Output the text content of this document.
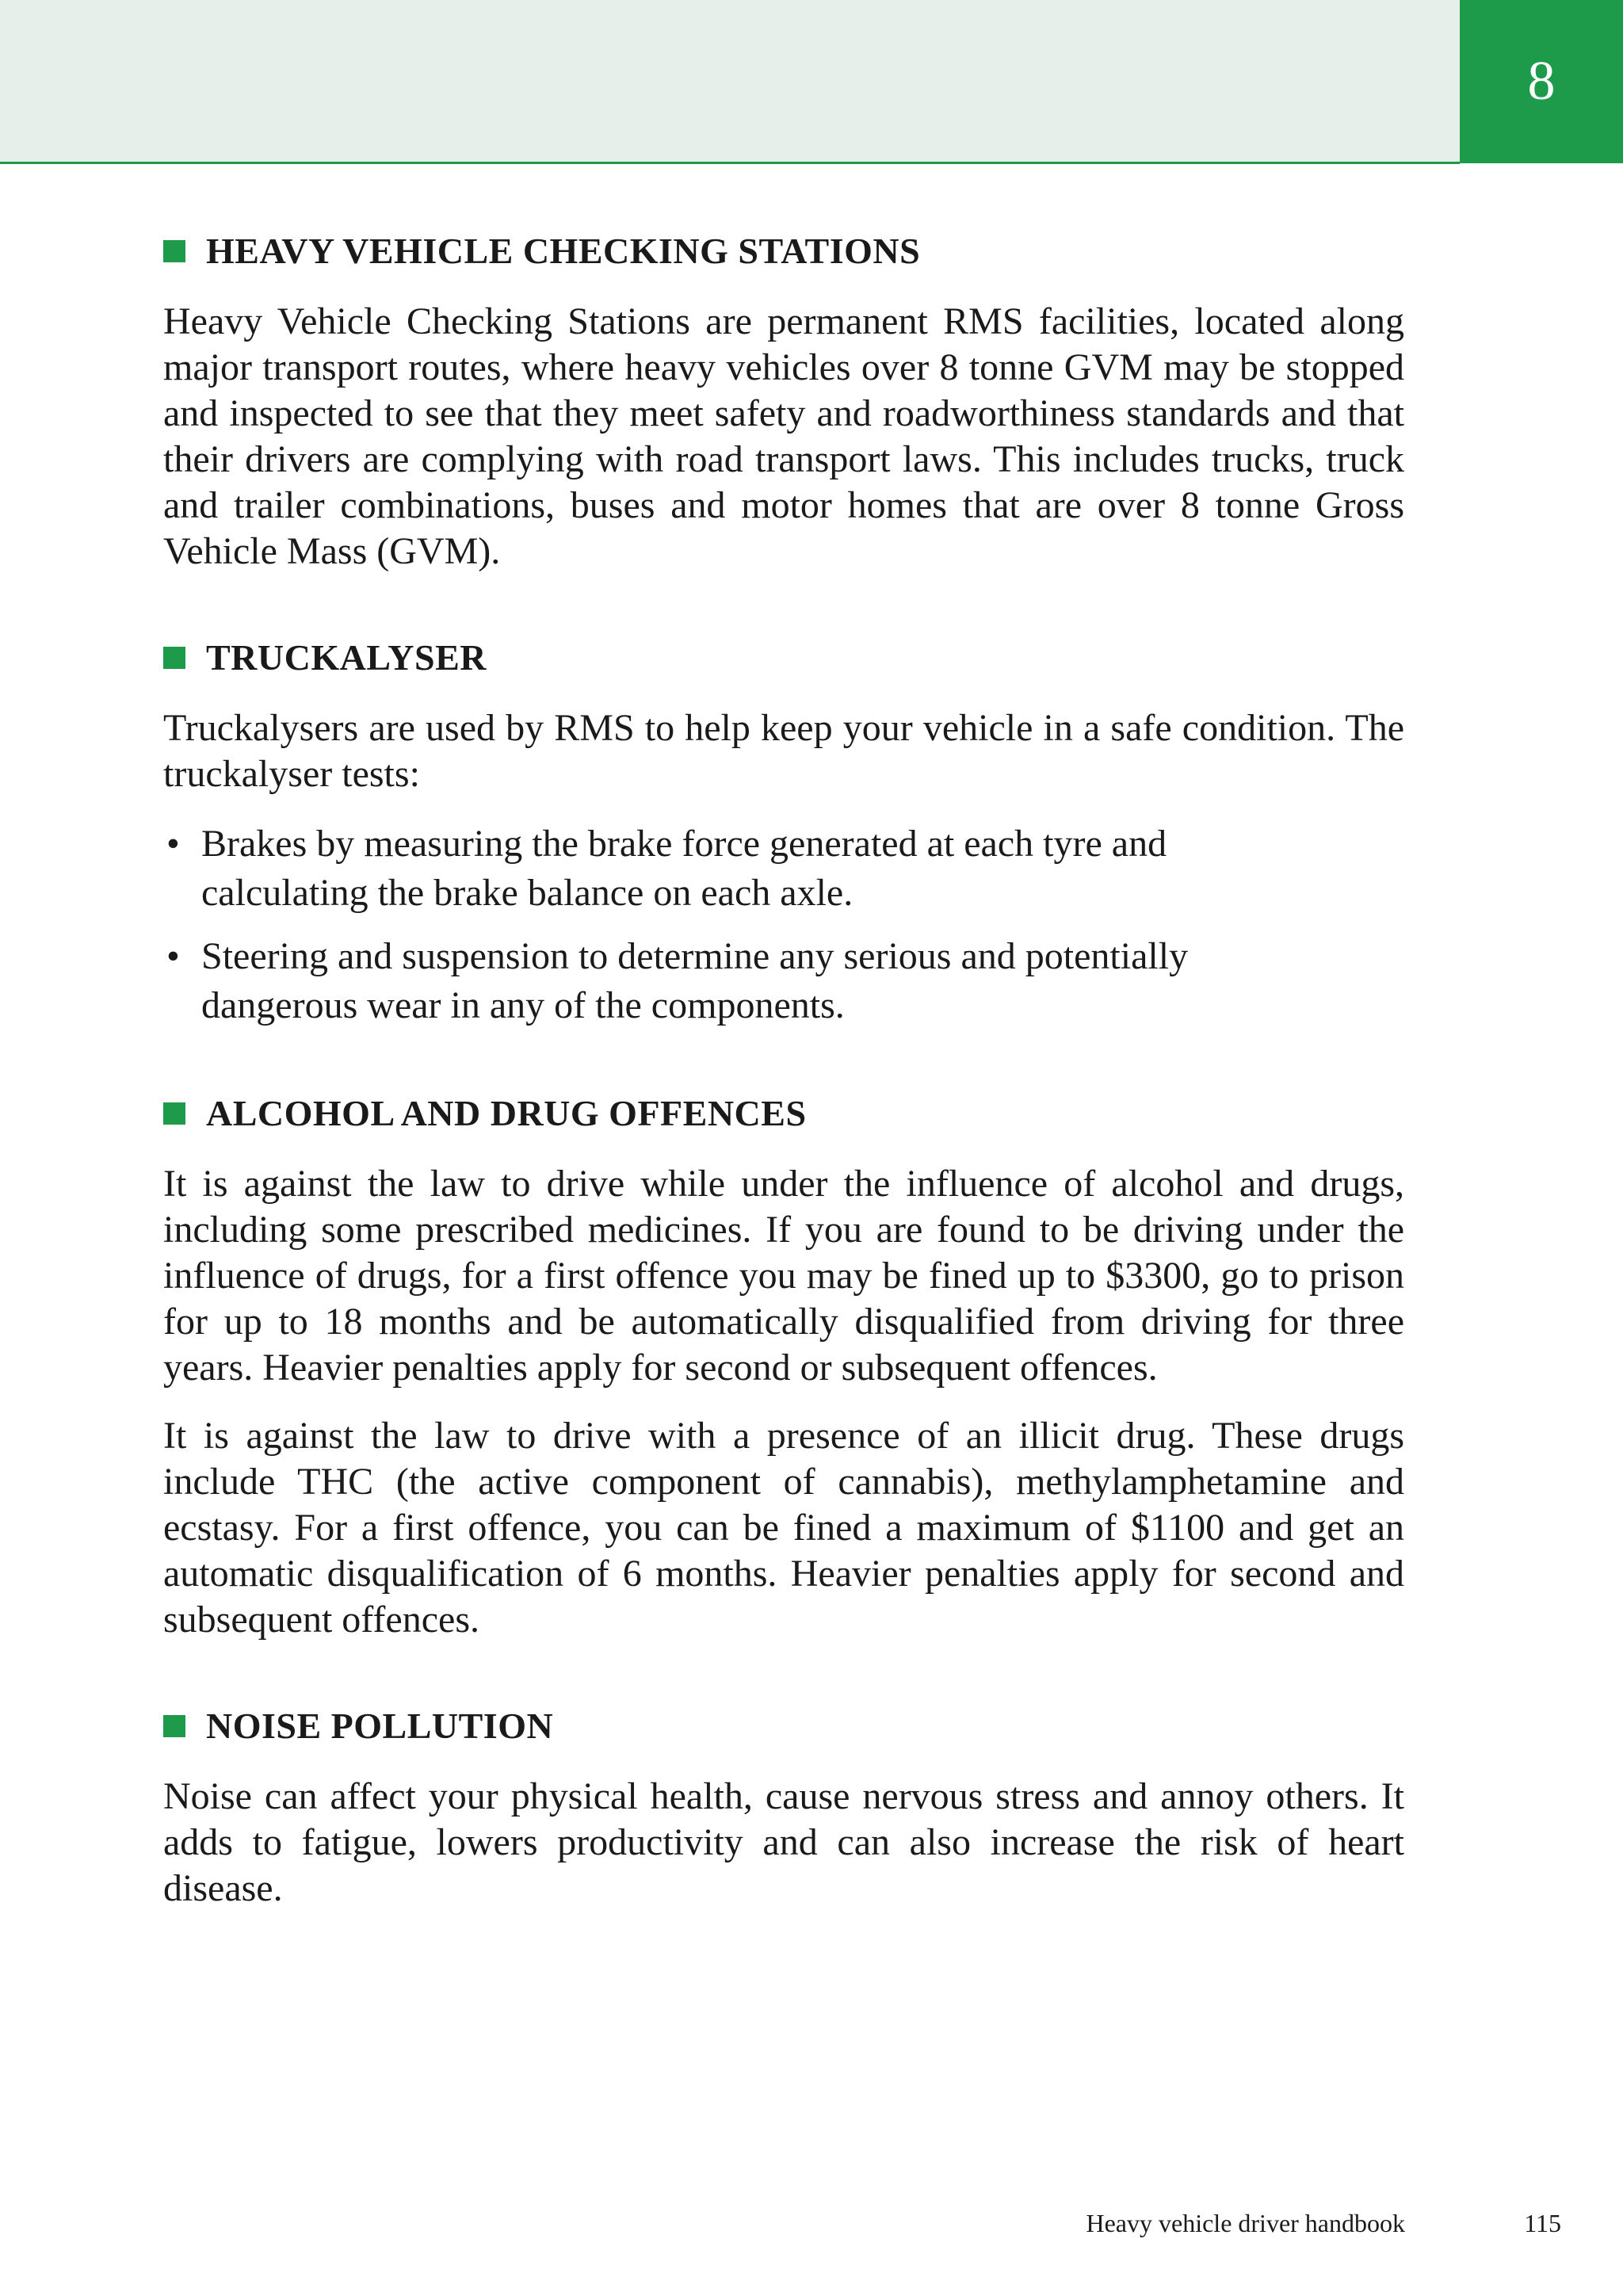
8
HEAVY VEHICLE CHECKING STATIONS

Heavy Vehicle Checking Stations are permanent RMS facilities, located along major transport routes, where heavy vehicles over 8 tonne GVM may be stopped and inspected to see that they meet safety and roadworthiness standards and that their drivers are complying with road transport laws. This includes trucks, truck and trailer combinations, buses and motor homes that are over 8 tonne Gross Vehicle Mass (GVM).

TRUCKALYSER

Truckalysers are used by RMS to help keep your vehicle in a safe condition. The truckalyser tests:

• Brakes by measuring the brake force generated at each tyre and calculating the brake balance on each axle.
• Steering and suspension to determine any serious and potentially dangerous wear in any of the components.
ALCOHOL AND DRUG OFFENCES

It is against the law to drive while under the influence of alcohol and drugs, including some prescribed medicines. If you are found to be driving under the influence of drugs, for a first offence you may be fined up to $3300, go to prison for up to 18 months and be automatically disqualified from driving for three years. Heavier penalties apply for second or subsequent offences.

It is against the law to drive with a presence of an illicit drug. These drugs include THC (the active component of cannabis), methylamphetamine and ecstasy. For a first offence, you can be fined a maximum of $1100 and get an automatic disqualification of 6 months. Heavier penalties apply for second and subsequent offences.

NOISE POLLUTION

Noise can affect your physical health, cause nervous stress and annoy others. It adds to fatigue, lowers productivity and can also increase the risk of heart disease.

Heavy vehicle driver handbook	115
